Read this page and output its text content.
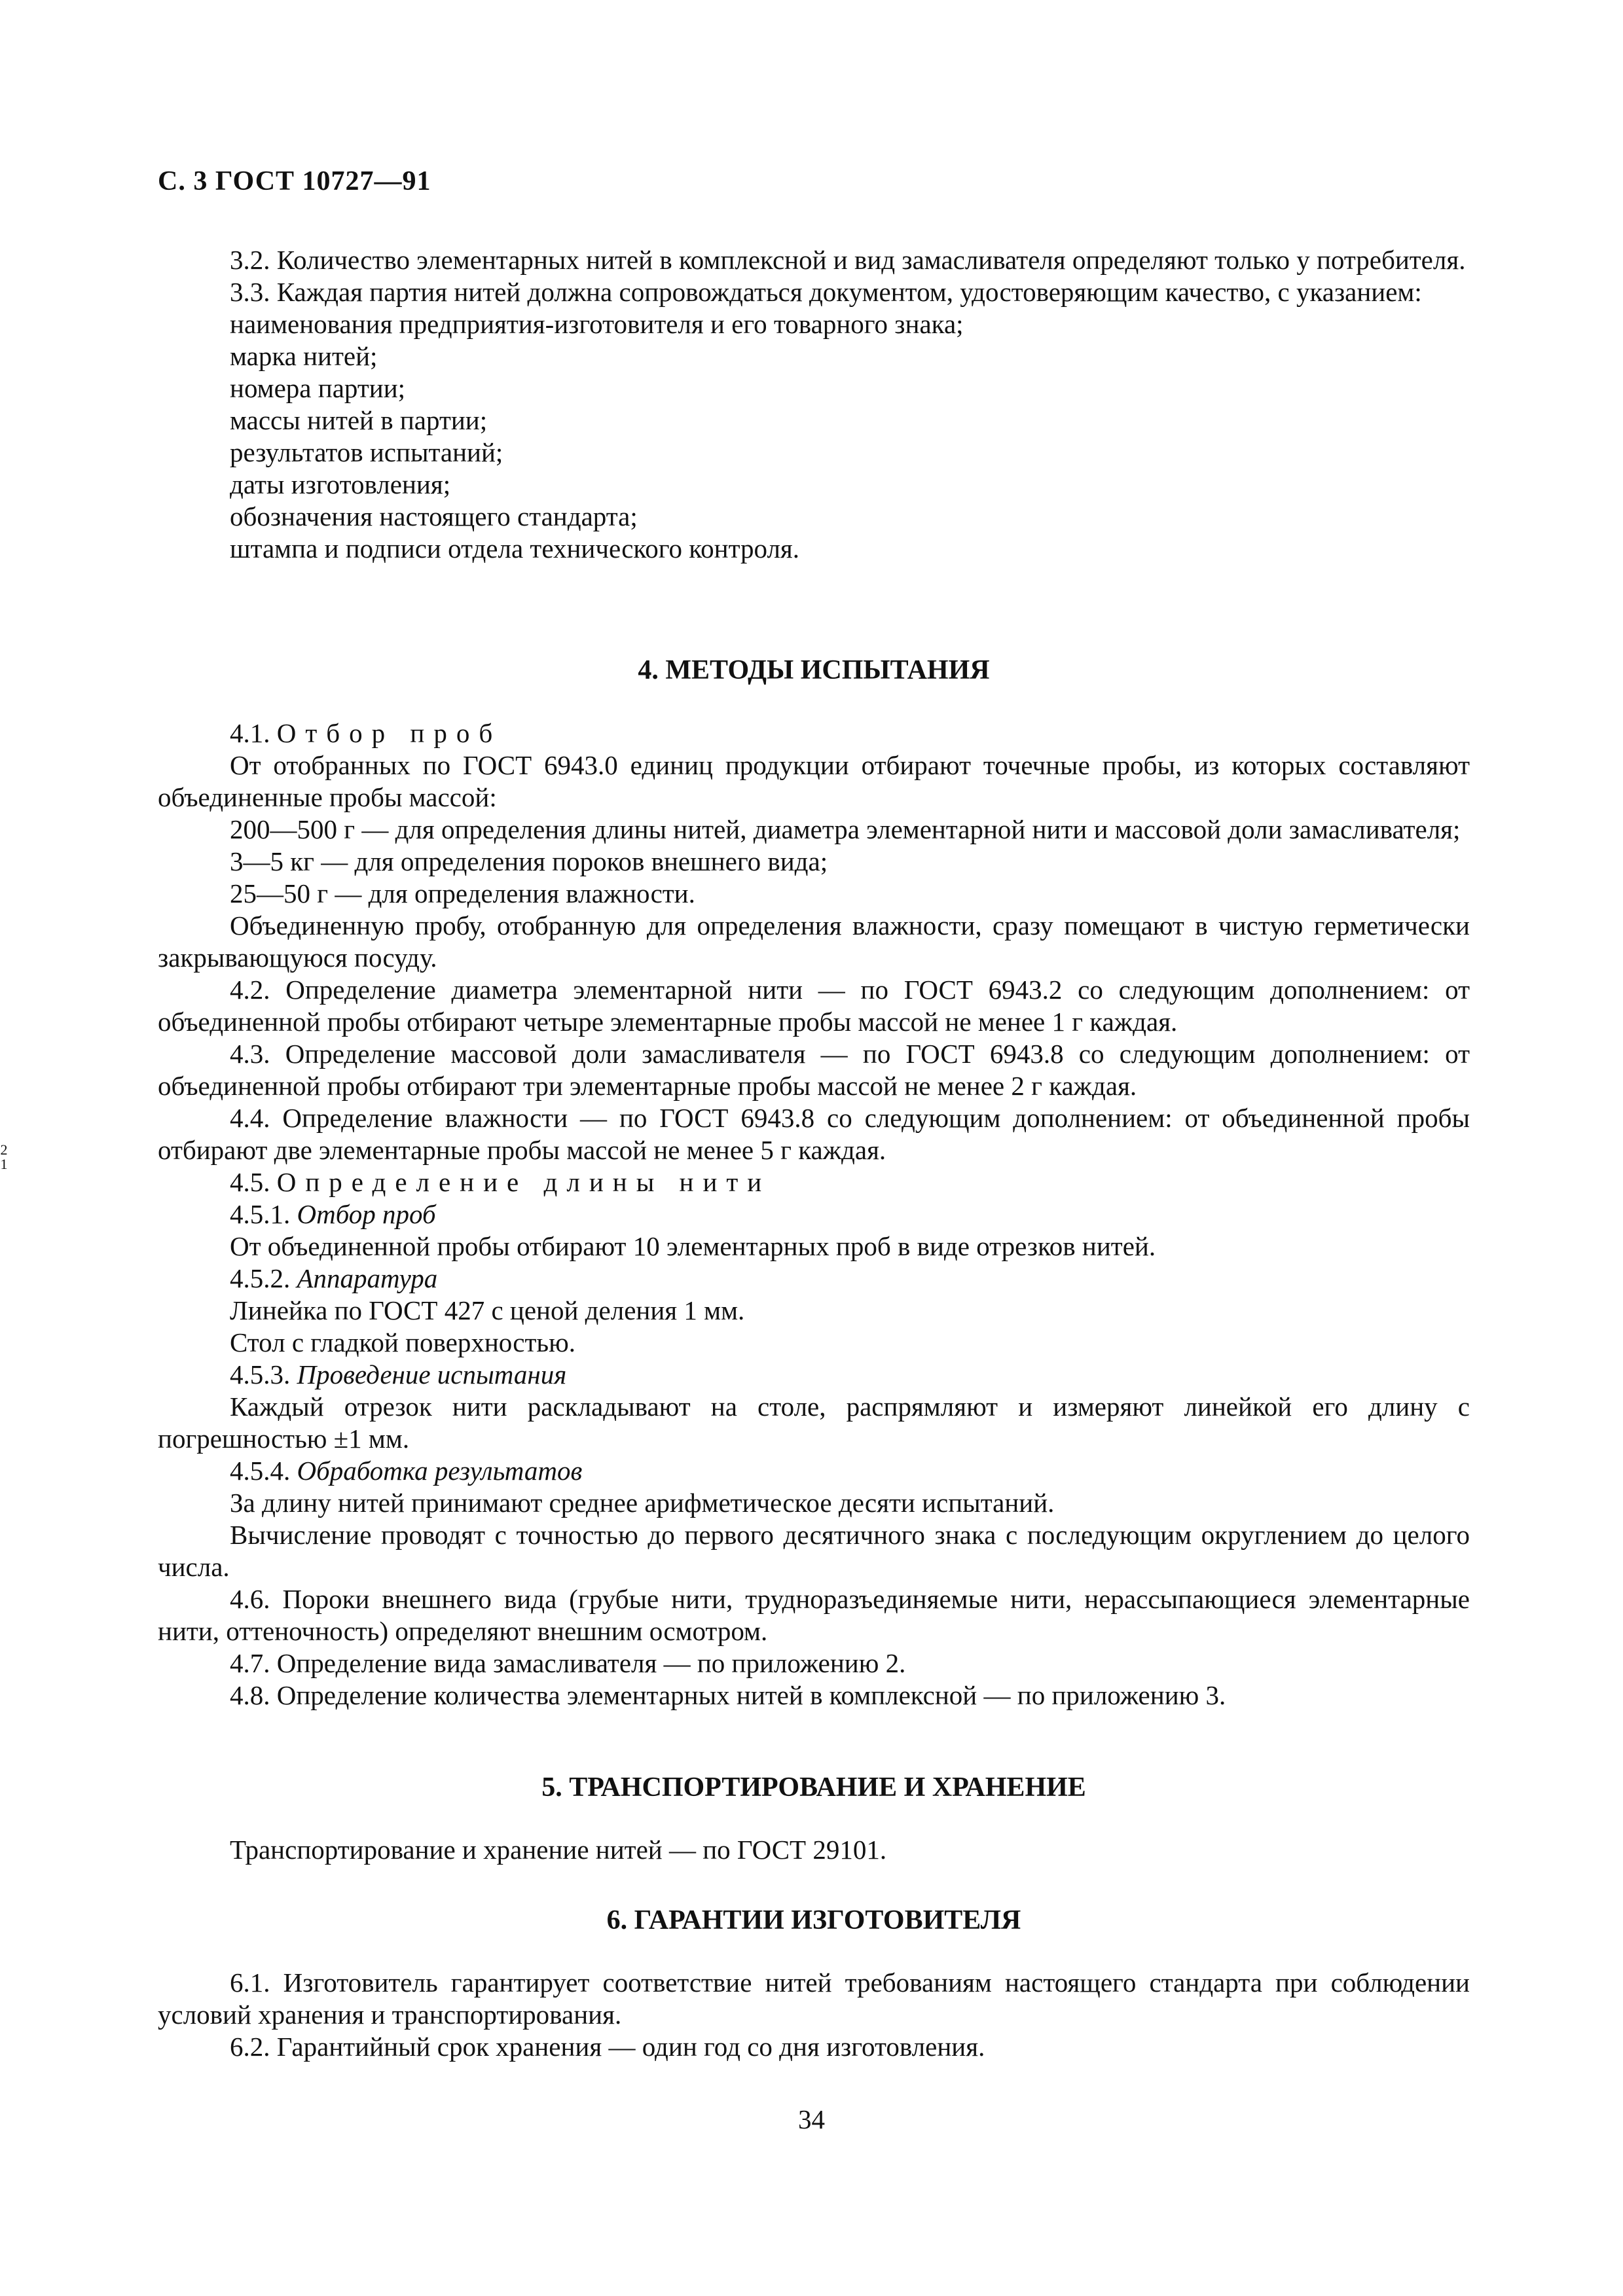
С. 3 ГОСТ 10727—91
2
1

3.2. Количество элементарных нитей в комплексной и вид замасливателя определяют только у потребителя.

3.3. Каждая партия нитей должна сопровождаться документом, удостоверяющим качество, с указанием:

наименования предприятия-изготовителя и его товарного знака;

марка нитей;

номера партии;

массы нитей в партии;

результатов испытаний;

даты изготовления;

обозначения настоящего стандарта;

штампа и подписи отдела технического контроля.

4. МЕТОДЫ ИСПЫТАНИЯ

4.1. Отбор проб

От отобранных по ГОСТ 6943.0 единиц продукции отбирают точечные пробы, из которых составляют объединенные пробы массой:

200—500 г — для определения длины нитей, диаметра элементарной нити и массовой доли замасливателя;

3—5 кг — для определения пороков внешнего вида;

25—50 г — для определения влажности.

Объединенную пробу, отобранную для определения влажности, сразу помещают в чистую герметически закрывающуюся посуду.

4.2. Определение диаметра элементарной нити — по ГОСТ 6943.2 со следующим дополнением: от объединенной пробы отбирают четыре элементарные пробы массой не менее 1 г каждая.

4.3. Определение массовой доли замасливателя — по ГОСТ 6943.8 со следующим дополнением: от объединенной пробы отбирают три элементарные пробы массой не менее 2 г каждая.

4.4. Определение влажности — по ГОСТ 6943.8 со следующим дополнением: от объединенной пробы отбирают две элементарные пробы массой не менее 5 г каждая.

4.5. Определение длины нити

4.5.1. Отбор проб

От объединенной пробы отбирают 10 элементарных проб в виде отрезков нитей.

4.5.2. Аппаратура

Линейка по ГОСТ 427 с ценой деления 1 мм.

Стол с гладкой поверхностью.

4.5.3. Проведение испытания

Каждый отрезок нити раскладывают на столе, распрямляют и измеряют линейкой его длину с погрешностью ±1 мм.

4.5.4. Обработка результатов

За длину нитей принимают среднее арифметическое десяти испытаний.

Вычисление проводят с точностью до первого десятичного знака с последующим округлением до целого числа.

4.6. Пороки внешнего вида (грубые нити, трудноразъединяемые нити, нерассыпающиеся элементарные нити, оттеночность) определяют внешним осмотром.

4.7. Определение вида замасливателя — по приложению 2.

4.8. Определение количества элементарных нитей в комплексной — по приложению 3.

5. ТРАНСПОРТИРОВАНИЕ И ХРАНЕНИЕ

Транспортирование и хранение нитей — по ГОСТ 29101.

6. ГАРАНТИИ ИЗГОТОВИТЕЛЯ

6.1. Изготовитель гарантирует соответствие нитей требованиям настоящего стандарта при соблюдении условий хранения и транспортирования.

6.2. Гарантийный срок хранения — один год со дня изготовления.

34
